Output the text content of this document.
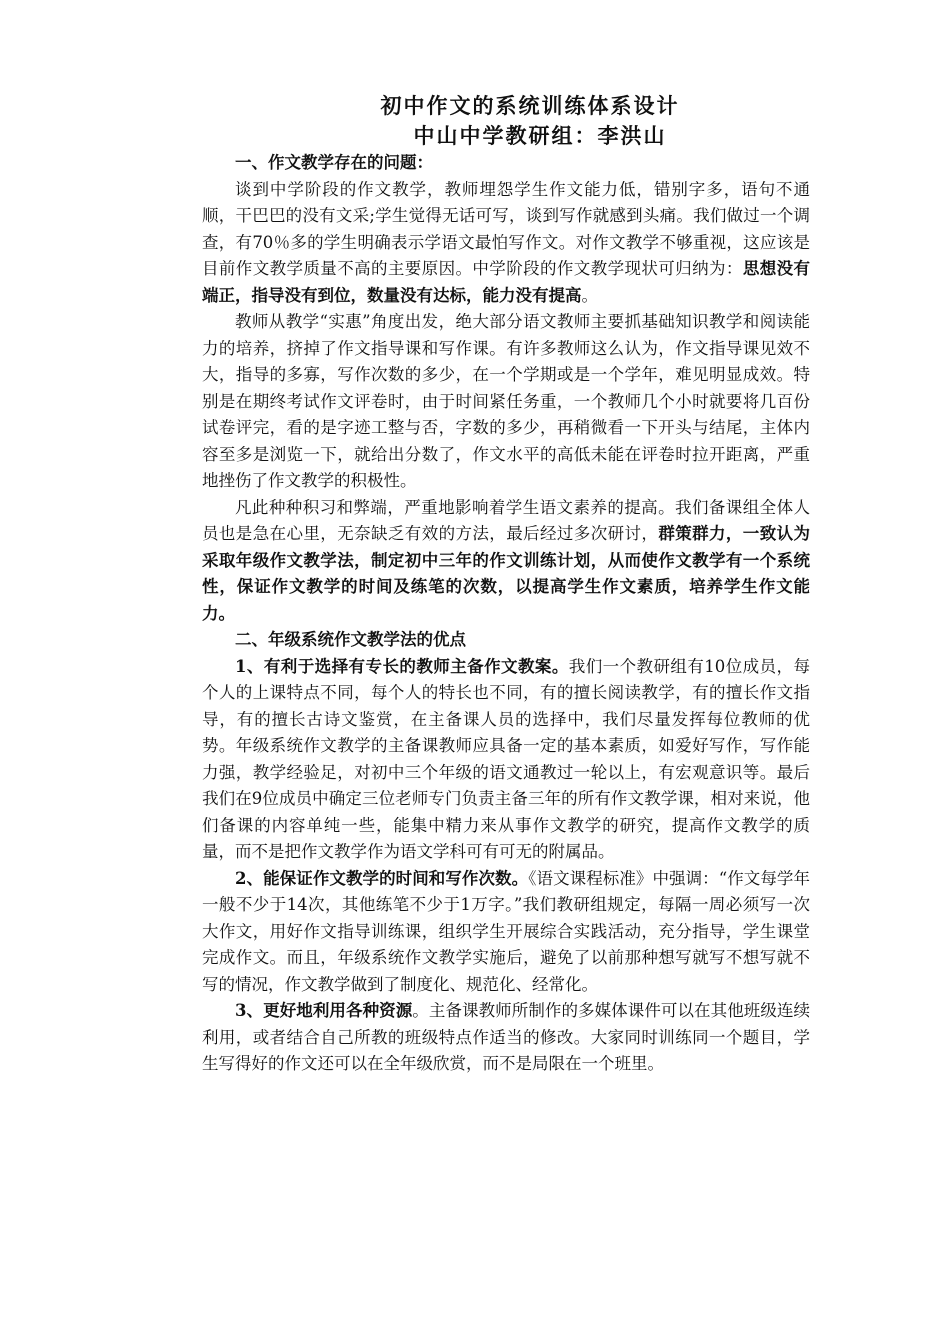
初中作文的系统训练体系设计
中山中学教研组：李洪山

一、作文教学存在的问题：

谈到中学阶段的作文教学，教师埋怨学生作文能力低，错别字多，语句不通顺，干巴巴的没有文采;学生觉得无话可写，谈到写作就感到头痛。我们做过一个调查，有70％多的学生明确表示学语文最怕写作文。对作文教学不够重视，这应该是目前作文教学质量不高的主要原因。中学阶段的作文教学现状可归纳为：思想没有端正，指导没有到位，数量没有达标，能力没有提高。

教师从教学“实惠”角度出发，绝大部分语文教师主要抓基础知识教学和阅读能力的培养，挤掉了作文指导课和写作课。有许多教师这么认为，作文指导课见效不大，指导的多寡，写作次数的多少，在一个学期或是一个学年，难见明显成效。特别是在期终考试作文评卷时，由于时间紧任务重，一个教师几个小时就要将几百份试卷评完，看的是字迹工整与否，字数的多少，再稍微看一下开头与结尾，主体内容至多是浏览一下，就给出分数了，作文水平的高低未能在评卷时拉开距离，严重地挫伤了作文教学的积极性。

凡此种种积习和弊端，严重地影响着学生语文素养的提高。我们备课组全体人员也是急在心里，无奈缺乏有效的方法，最后经过多次研讨，群策群力，一致认为采取年级作文教学法，制定初中三年的作文训练计划，从而使作文教学有一个系统性，保证作文教学的时间及练笔的次数，以提高学生作文素质，培养学生作文能力。

二、年级系统作文教学法的优点

1、有利于选择有专长的教师主备作文教案。我们一个教研组有10位成员，每个人的上课特点不同，每个人的特长也不同，有的擅长阅读教学，有的擅长作文指导，有的擅长古诗文鉴赏，在主备课人员的选择中，我们尽量发挥每位教师的优势。年级系统作文教学的主备课教师应具备一定的基本素质，如爱好写作，写作能力强，教学经验足，对初中三个年级的语文通教过一轮以上，有宏观意识等。最后我们在9位成员中确定三位老师专门负责主备三年的所有作文教学课，相对来说，他们备课的内容单纯一些，能集中精力来从事作文教学的研究，提高作文教学的质量，而不是把作文教学作为语文学科可有可无的附属品。

2、能保证作文教学的时间和写作次数。《语文课程标准》中强调：“作文每学年一般不少于14次，其他练笔不少于1万字。”我们教研组规定，每隔一周必须写一次大作文，用好作文指导训练课，组织学生开展综合实践活动，充分指导，学生课堂完成作文。而且，年级系统作文教学实施后，避免了以前那种想写就写不想写就不写的情况，作文教学做到了制度化、规范化、经常化。

3、更好地利用各种资源。主备课教师所制作的多媒体课件可以在其他班级连续利用，或者结合自己所教的班级特点作适当的修改。大家同时训练同一个题目，学生写得好的作文还可以在全年级欣赏，而不是局限在一个班里。
